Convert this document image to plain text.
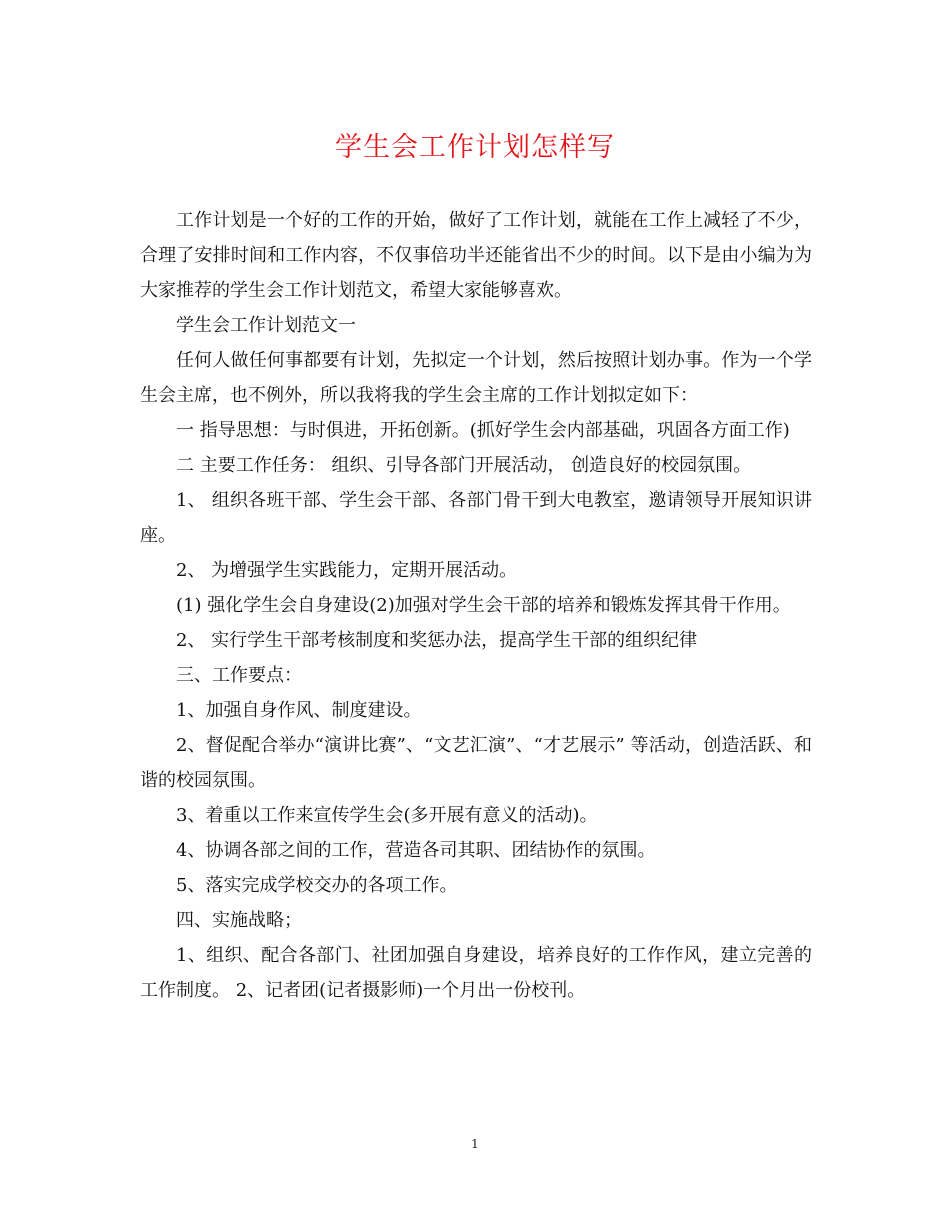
学生会工作计划怎样写

工作计划是一个好的工作的开始，做好了工作计划，就能在工作上减轻了不少，合理了安排时间和工作内容，不仅事倍功半还能省出不少的时间。以下是由小编为为大家推荐的学生会工作计划范文，希望大家能够喜欢。

学生会工作计划范文一

任何人做任何事都要有计划，先拟定一个计划，然后按照计划办事。作为一个学生会主席，也不例外，所以我将我的学生会主席的工作计划拟定如下：

一 指导思想：与时俱进，开拓创新。(抓好学生会内部基础，巩固各方面工作)

二 主要工作任务： 组织、引导各部门开展活动， 创造良好的校园氛围。

1、 组织各班干部、学生会干部、各部门骨干到大电教室，邀请领导开展知识讲座。

2、 为增强学生实践能力，定期开展活动。

(1) 强化学生会自身建设(2)加强对学生会干部的培养和锻炼发挥其骨干作用。

2、 实行学生干部考核制度和奖惩办法，提高学生干部的组织纪律

三、工作要点：

1、加强自身作风、制度建设。

2、督促配合举办“演讲比赛”、“文艺汇演”、“才艺展示” 等活动，创造活跃、和谐的校园氛围。

3、着重以工作来宣传学生会(多开展有意义的活动)。

4、协调各部之间的工作，营造各司其职、团结协作的氛围。

5、落实完成学校交办的各项工作。

四、实施战略；

1、组织、配合各部门、社团加强自身建设，培养良好的工作作风，建立完善的工作制度。 2、记者团(记者摄影师)一个月出一份校刊。

1
